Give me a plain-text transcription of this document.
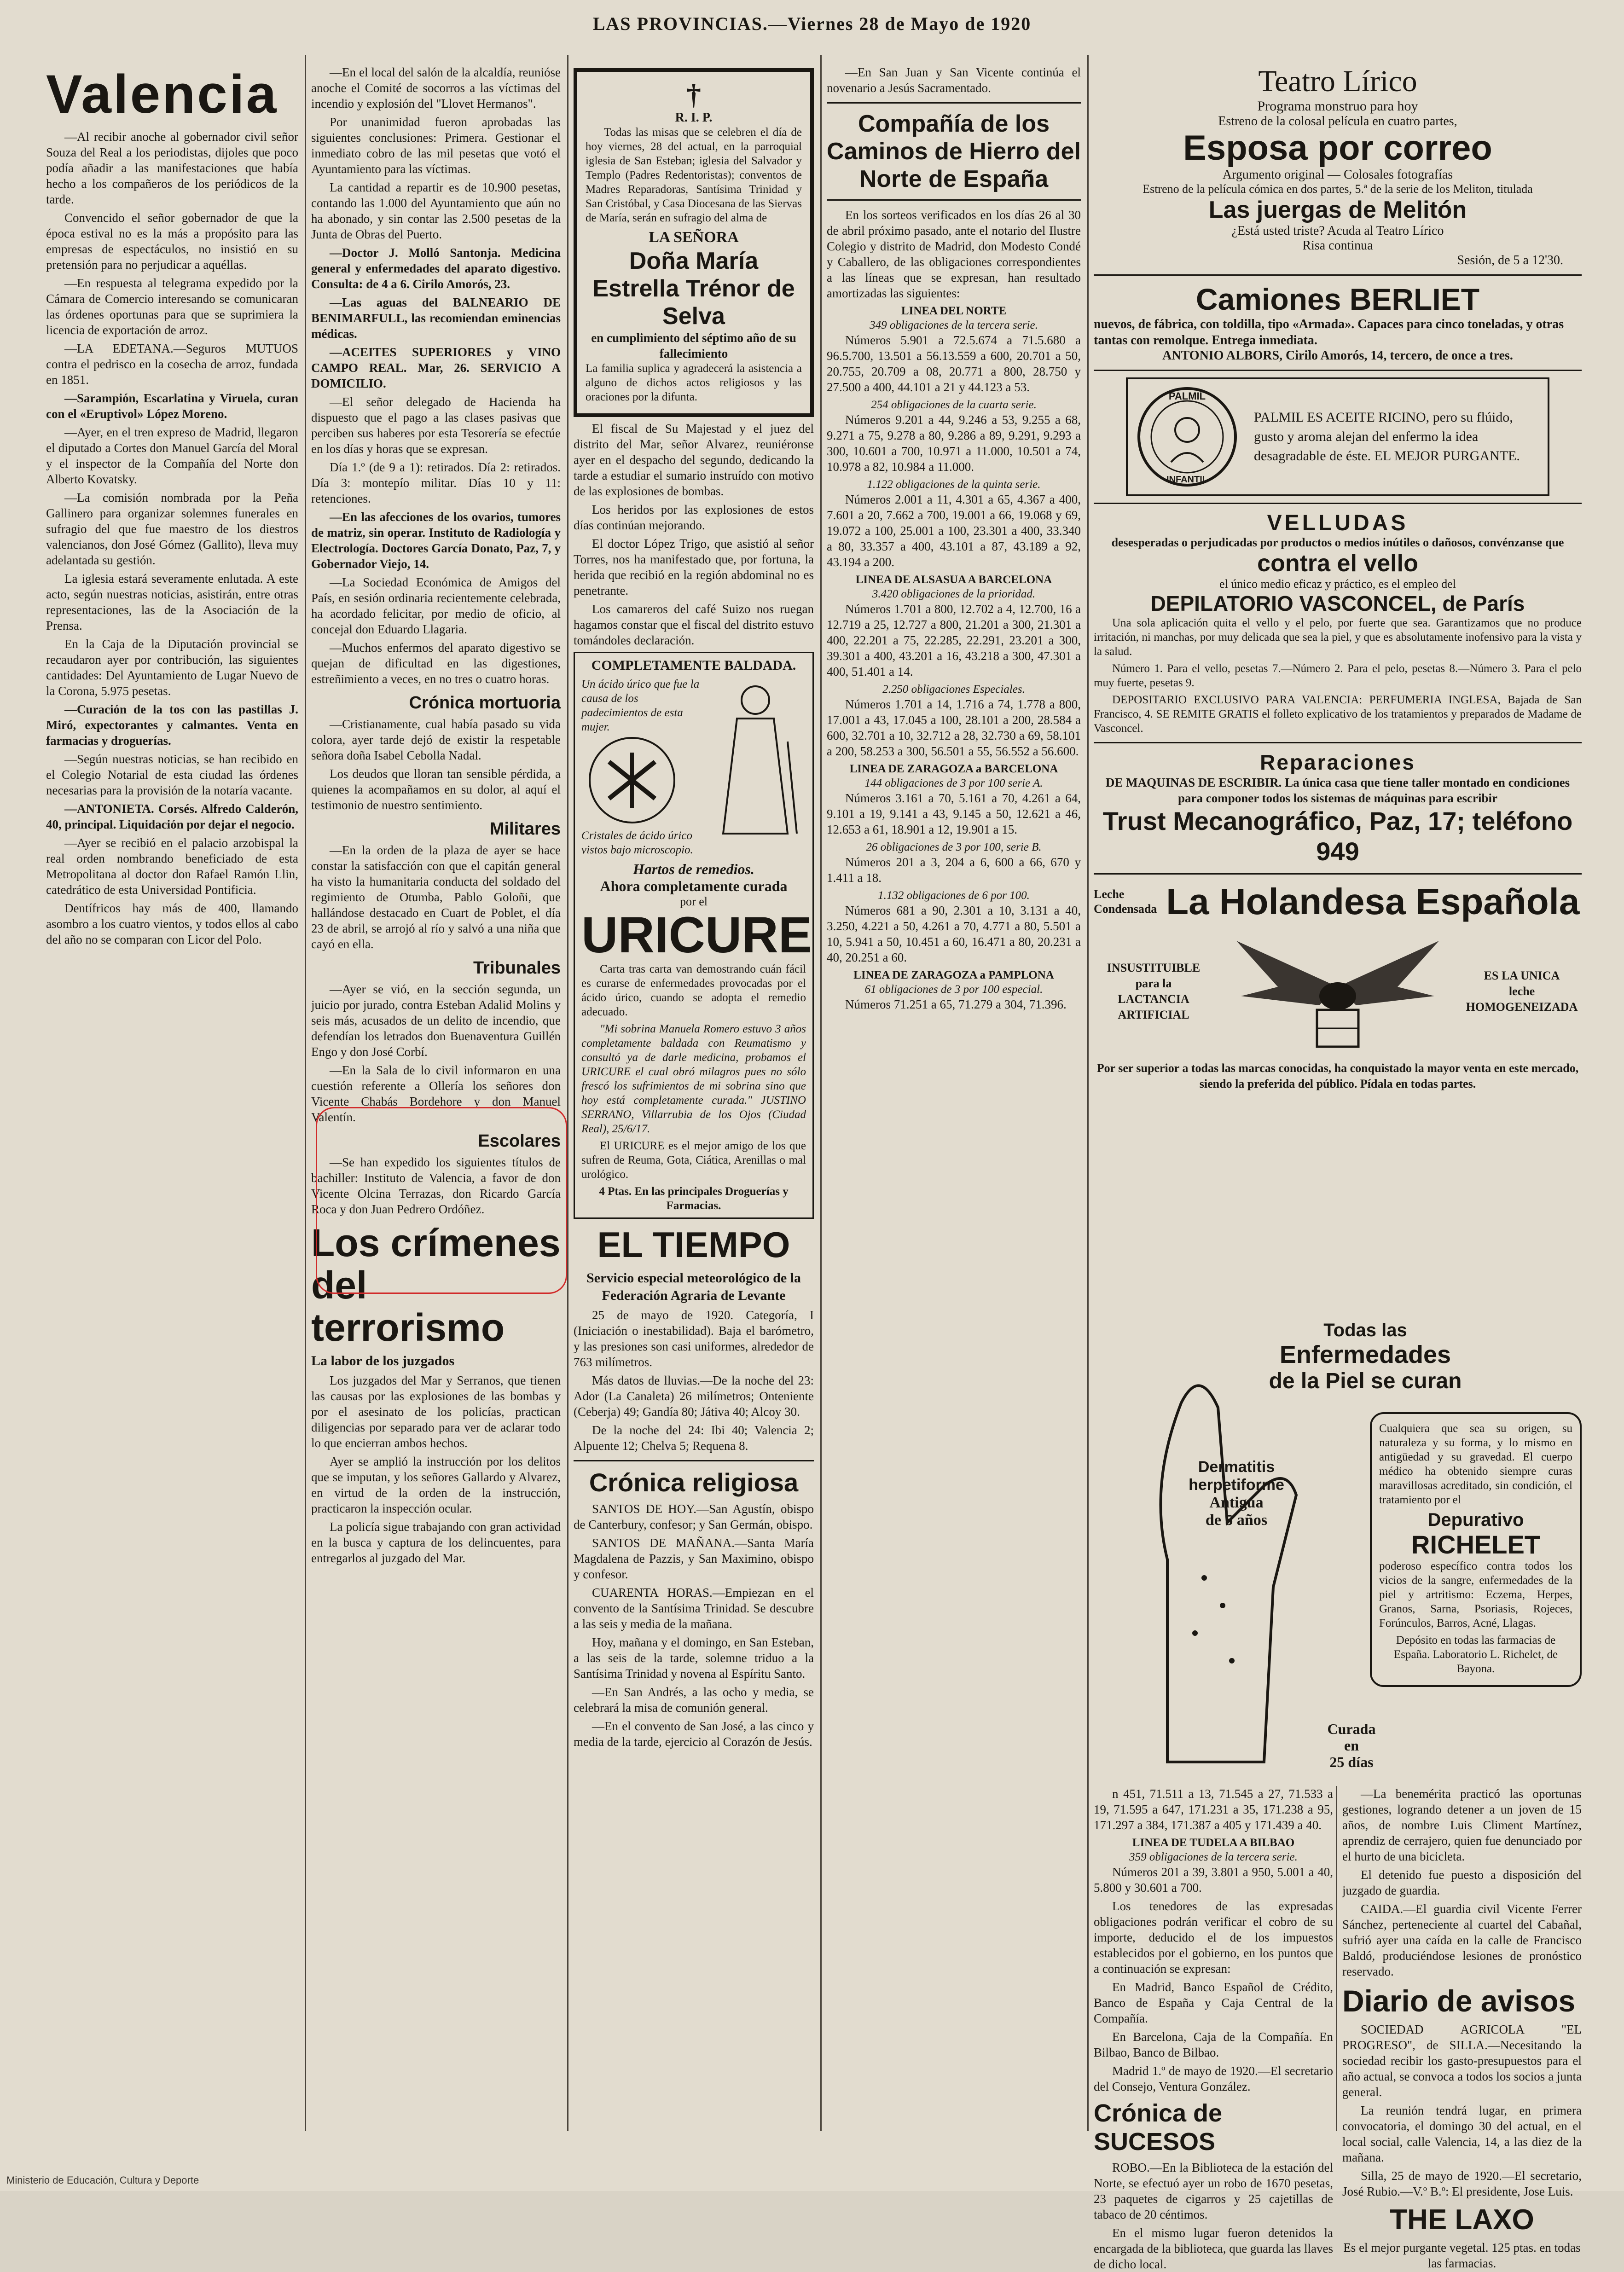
LAS PROVINCIAS.—Viernes 28 de Mayo de 1920
Valencia

—Al recibir anoche al gobernador civil señor Souza del Real a los periodistas, dijoles que poco podía añadir a las manifestaciones que había hecho a los compañeros de los periódicos de la tarde.

Convencido el señor gobernador de que la época estival no es la más a propósito para las empresas de espectáculos, no insistió en su pretensión para no perjudicar a aquéllas.

—En respuesta al telegrama expedido por la Cámara de Comercio interesando se comunicaran las órdenes oportunas para que se suprimiera la licencia de exportación de arroz.

—LA EDETANA.—Seguros MUTUOS contra el pedrisco en la cosecha de arroz, fundada en 1851.

—Sarampión, Escarlatina y Viruela, curan con el «Eruptivol» López Moreno.

—Ayer, en el tren expreso de Madrid, llegaron el diputado a Cortes don Manuel García del Moral y el inspector de la Compañía del Norte don Alberto Kovatsky.

—La comisión nombrada por la Peña Gallinero para organizar solemnes funerales en sufragio del que fue maestro de los diestros valencianos, don José Gómez (Gallito), lleva muy adelantada su gestión.

La iglesia estará severamente enlutada. A este acto, según nuestras noticias, asistirán, entre otras representaciones, las de la Asociación de la Prensa.

En la Caja de la Diputación provincial se recaudaron ayer por contribución, las siguientes cantidades: Del Ayuntamiento de Lugar Nuevo de la Corona, 5.975 pesetas.

—Curación de la tos con las pastillas J. Miró, expectorantes y calmantes. Venta en farmacias y droguerías.

—Según nuestras noticias, se han recibido en el Colegio Notarial de esta ciudad las órdenes necesarias para la provisión de la notaría vacante.

—ANTONIETA. Corsés. Alfredo Calderón, 40, principal. Liquidación por dejar el negocio.

—Ayer se recibió en el palacio arzobispal la real orden nombrando beneficiado de esta Metropolitana al doctor don Rafael Ramón Llin, catedrático de esta Universidad Pontificia.

Dentífricos hay más de 400, llamando asombro a los cuatro vientos, y todos ellos al cabo del año no se comparan con Licor del Polo.

—En el local del salón de la alcaldía, reunióse anoche el Comité de socorros a las víctimas del incendio y explosión del "Llovet Hermanos".

Por unanimidad fueron aprobadas las siguientes conclusiones: Primera. Gestionar el inmediato cobro de las mil pesetas que votó el Ayuntamiento para las víctimas.

La cantidad a repartir es de 10.900 pesetas, contando las 1.000 del Ayuntamiento que aún no ha abonado, y sin contar las 2.500 pesetas de la Junta de Obras del Puerto.

—Doctor J. Molló Santonja. Medicina general y enfermedades del aparato digestivo. Consulta: de 4 a 6. Cirilo Amorós, 23.

—Las aguas del BALNEARIO DE BENIMARFULL, las recomiendan eminencias médicas.

—ACEITES SUPERIORES y VINO CAMPO REAL. Mar, 26. SERVICIO A DOMICILIO.

—El señor delegado de Hacienda ha dispuesto que el pago a las clases pasivas que perciben sus haberes por esta Tesorería se efectúe en los días y horas que se expresan.

Día 1.º (de 9 a 1): retirados. Día 2: retirados. Día 3: montepío militar. Días 10 y 11: retenciones.

—En las afecciones de los ovarios, tumores de matriz, sin operar. Instituto de Radiología y Electrología. Doctores García Donato, Paz, 7, y Gobernador Viejo, 14.

—La Sociedad Económica de Amigos del País, en sesión ordinaria recientemente celebrada, ha acordado felicitar, por medio de oficio, al concejal don Eduardo Llagaria.

—Muchos enfermos del aparato digestivo se quejan de dificultad en las digestiones, estreñimiento a veces, en no tres o cuatro horas.

Crónica mortuoria

—Cristianamente, cual había pasado su vida colora, ayer tarde dejó de existir la respetable señora doña Isabel Cebolla Nadal.

Los deudos que lloran tan sensible pérdida, a quienes la acompañamos en su dolor, al aquí el testimonio de nuestro sentimiento.

Militares

—En la orden de la plaza de ayer se hace constar la satisfacción con que el capitán general ha visto la humanitaria conducta del soldado del regimiento de Otumba, Pablo Goloñi, que hallándose destacado en Cuart de Poblet, el día 23 de abril, se arrojó al río y salvó a una niña que cayó en ella.

Tribunales

—Ayer se vió, en la sección segunda, un juicio por jurado, contra Esteban Adalid Molins y seis más, acusados de un delito de incendio, que defendían los letrados don Buenaventura Guillén Engo y don José Corbí.

—En la Sala de lo civil informaron en una cuestión referente a Ollería los señores don Vicente Chabás Bordehore y don Manuel Valentín.

Escolares

—Se han expedido los siguientes títulos de bachiller: Instituto de Valencia, a favor de don Vicente Olcina Terrazas, don Ricardo García Roca y don Juan Pedrero Ordóñez.

Los crímenes del terrorismo
La labor de los juzgados

Los juzgados del Mar y Serranos, que tienen las causas por las explosiones de las bombas y por el asesinato de los policías, practican diligencias por separado para ver de aclarar todo lo que encierran ambos hechos.

Ayer se amplió la instrucción por los delitos que se imputan, y los señores Gallardo y Alvarez, en virtud de la orden de la instrucción, practicaron la inspección ocular.

La policía sigue trabajando con gran actividad en la busca y captura de los delincuentes, para entregarlos al juzgado del Mar.

†
R. I. P.

Todas las misas que se celebren el día de hoy viernes, 28 del actual, en la parroquial iglesia de San Esteban; iglesia del Salvador y Templo (Padres Redentoristas); conventos de Madres Reparadoras, Santísima Trinidad y San Cristóbal, y Casa Diocesana de las Siervas de María, serán en sufragio del alma de

LA SEÑORA
Doña María Estrella Trénor de Selva
en cumplimiento del séptimo año de su fallecimiento

La familia suplica y agradecerá la asistencia a alguno de dichos actos religiosos y las oraciones por la difunta.

El fiscal de Su Majestad y el juez del distrito del Mar, señor Alvarez, reuniéronse ayer en el despacho del segundo, dedicando la tarde a estudiar el sumario instruído con motivo de las explosiones de bombas.

Los heridos por las explosiones de estos días continúan mejorando.

El doctor López Trigo, que asistió al señor Torres, nos ha manifestado que, por fortuna, la herida que recibió en la región abdominal no es penetrante.

Los camareros del café Suizo nos ruegan hagamos constar que el fiscal del distrito estuvo tomándoles declaración.

COMPLETAMENTE BALDADA.
Un ácido úrico que fue la causa de los padecimientos de esta mujer.
Cristales de ácido úrico vistos bajo microscopio.
Hartos de remedios.
Ahora completamente curada
por el
URICURE

Carta tras carta van demostrando cuán fácil es curarse de enfermedades provocadas por el ácido úrico, cuando se adopta el remedio adecuado.

"Mi sobrina Manuela Romero estuvo 3 años completamente baldada con Reumatismo y consultó ya de darle medicina, probamos el URICURE el cual obró milagros pues no sólo frescó los sufrimientos de mi sobrina sino que hoy está completamente curada." JUSTINO SERRANO, Villarrubia de los Ojos (Ciudad Real), 25/6/17.

El URICURE es el mejor amigo de los que sufren de Reuma, Gota, Ciática, Arenillas o mal urológico.

4 Ptas. En las principales Droguerías y Farmacias.
EL TIEMPO
Servicio especial meteorológico de la Federación Agraria de Levante

25 de mayo de 1920. Categoría, I (Iniciación o inestabilidad). Baja el barómetro, y las presiones son casi uniformes, alrededor de 763 milímetros.

Más datos de lluvias.—De la noche del 23: Ador (La Canaleta) 26 milímetros; Onteniente (Ceberja) 49; Gandía 80; Játiva 40; Alcoy 30.

De la noche del 24: Ibi 40; Valencia 2; Alpuente 12; Chelva 5; Requena 8.

Crónica religiosa

SANTOS DE HOY.—San Agustín, obispo de Canterbury, confesor; y San Germán, obispo.

SANTOS DE MAÑANA.—Santa María Magdalena de Pazzis, y San Maximino, obispo y confesor.

CUARENTA HORAS.—Empiezan en el convento de la Santísima Trinidad. Se descubre a las seis y media de la mañana.

Hoy, mañana y el domingo, en San Esteban, a las seis de la tarde, solemne triduo a la Santísima Trinidad y novena al Espíritu Santo.

—En San Andrés, a las ocho y media, se celebrará la misa de comunión general.

—En el convento de San José, a las cinco y media de la tarde, ejercicio al Corazón de Jesús.

—En San Juan y San Vicente continúa el novenario a Jesús Sacramentado.

Compañía de los Caminos de Hierro del Norte de España

En los sorteos verificados en los días 26 al 30 de abril próximo pasado, ante el notario del Ilustre Colegio y distrito de Madrid, don Modesto Condé y Caballero, de las obligaciones correspondientes a las líneas que se expresan, han resultado amortizadas las siguientes:

LINEA DEL NORTE
349 obligaciones de la tercera serie.

Números 5.901 a 72.5.674 a 71.5.680 a 96.5.700, 13.501 a 56.13.559 a 600, 20.701 a 50, 20.755, 20.709 a 08, 20.771 a 800, 28.750 y 27.500 a 400, 44.101 a 21 y 44.123 a 53.

254 obligaciones de la cuarta serie.

Números 9.201 a 44, 9.246 a 53, 9.255 a 68, 9.271 a 75, 9.278 a 80, 9.286 a 89, 9.291, 9.293 a 300, 10.601 a 700, 10.971 a 11.000, 10.501 a 74, 10.978 a 82, 10.984 a 11.000.

1.122 obligaciones de la quinta serie.

Números 2.001 a 11, 4.301 a 65, 4.367 a 400, 7.601 a 20, 7.662 a 700, 19.001 a 66, 19.068 y 69, 19.072 a 100, 25.001 a 100, 23.301 a 400, 33.340 a 80, 33.357 a 400, 43.101 a 87, 43.189 a 92, 43.194 a 200.

LINEA DE ALSASUA A BARCELONA
3.420 obligaciones de la prioridad.

Números 1.701 a 800, 12.702 a 4, 12.700, 16 a 12.719 a 25, 12.727 a 800, 21.201 a 300, 21.301 a 400, 22.201 a 75, 22.285, 22.291, 23.201 a 300, 39.301 a 400, 43.201 a 16, 43.218 a 300, 47.301 a 400, 51.401 a 14.

2.250 obligaciones Especiales.

Números 1.701 a 14, 1.716 a 74, 1.778 a 800, 17.001 a 43, 17.045 a 100, 28.101 a 200, 28.584 a 600, 32.701 a 10, 32.712 a 28, 32.730 a 69, 58.101 a 200, 58.253 a 300, 56.501 a 55, 56.552 a 56.600.

LINEA DE ZARAGOZA a BARCELONA
144 obligaciones de 3 por 100 serie A.

Números 3.161 a 70, 5.161 a 70, 4.261 a 64, 9.101 a 19, 9.141 a 43, 9.145 a 50, 12.621 a 46, 12.653 a 61, 18.901 a 12, 19.901 a 15.

26 obligaciones de 3 por 100, serie B.

Números 201 a 3, 204 a 6, 600 a 66, 670 y 1.411 a 18.

1.132 obligaciones de 6 por 100.

Números 681 a 90, 2.301 a 10, 3.131 a 40, 3.250, 4.221 a 50, 4.261 a 70, 4.771 a 80, 5.501 a 10, 5.941 a 50, 10.451 a 60, 16.471 a 80, 20.231 a 40, 20.251 a 60.

LINEA DE ZARAGOZA a PAMPLONA
61 obligaciones de 3 por 100 especial.

Números 71.251 a 65, 71.279 a 304, 71.396.

Teatro Lírico
Programa monstruo para hoy
Estreno de la colosal película en cuatro partes,
Esposa por correo
Argumento original — Colosales fotografías
Estreno de la película cómica en dos partes, 5.ª de la serie de los Meliton, titulada
Las juergas de Melitón
¿Está usted triste? Acuda al Teatro Lírico
Risa continua
Sesión, de 5 a 12'30.
Camiones BERLIET
nuevos, de fábrica, con toldilla, tipo «Armada». Capaces para cinco toneladas, y otras tantas con remolque. Entrega inmediata.
ANTONIO ALBORS, Cirilo Amorós, 14, tercero, de once a tres.
PALMIL
INFANTIL
PALMIL ES ACEITE RICINO, pero su flúido, gusto y aroma alejan del enfermo la idea desagradable de éste. EL MEJOR PURGANTE.
VELLUDAS
desesperadas o perjudicadas por productos o medios inútiles o dañosos, convénzanse que
contra el vello
el único medio eficaz y práctico, es el empleo del
DEPILATORIO VASCONCEL, de París

Una sola aplicación quita el vello y el pelo, por fuerte que sea. Garantizamos que no produce irritación, ni manchas, por muy delicada que sea la piel, y que es absolutamente inofensivo para la vista y la salud.

Número 1. Para el vello, pesetas 7.—Número 2. Para el pelo, pesetas 8.—Número 3. Para el pelo muy fuerte, pesetas 9.

DEPOSITARIO EXCLUSIVO PARA VALENCIA: PERFUMERIA INGLESA, Bajada de San Francisco, 4. SE REMITE GRATIS el folleto explicativo de los tratamientos y preparados de Madame de Vasconcel.

Reparaciones
DE MAQUINAS DE ESCRIBIR. La única casa que tiene taller montado en condiciones para componer todos los sistemas de máquinas para escribir
Trust Mecanográfico, Paz, 17; teléfono 949
Leche
Condensada La Holandesa Española
INSUSTITUIBLE
para la
LACTANCIA ARTIFICIAL
ES LA UNICA
leche
HOMOGENEIZADA
Por ser superior a todas las marcas conocidas, ha conquistado la mayor venta en este mercado, siendo la preferida del público. Pídala en todas partes.
Todas las
Enfermedades
de la Piel se curan
Dermatitis
herpetiforme
Antigua
de 5 años
Curada
en
25 días

Cualquiera que sea su origen, su naturaleza y su forma, y lo mismo en antigüedad y su gravedad. El cuerpo médico ha obtenido siempre curas maravillosas acreditado, sin condición, el tratamiento por el

Depurativo
RICHELET

poderoso específico contra todos los vicios de la sangre, enfermedades de la piel y artritismo: Eczema, Herpes, Granos, Sarna, Psoriasis, Rojeces, Forúnculos, Barros, Acné, Llagas.

Depósito en todas las farmacias de España. Laboratorio L. Richelet, de Bayona.

n 451, 71.511 a 13, 71.545 a 27, 71.533 a 19, 71.595 a 647, 171.231 a 35, 171.238 a 95, 171.297 a 384, 171.387 a 405 y 171.439 a 40.

LINEA DE TUDELA A BILBAO
359 obligaciones de la tercera serie.

Números 201 a 39, 3.801 a 950, 5.001 a 40, 5.800 y 30.601 a 700.

Los tenedores de las expresadas obligaciones podrán verificar el cobro de su importe, deducido el de los impuestos establecidos por el gobierno, en los puntos que a continuación se expresan:

En Madrid, Banco Español de Crédito, Banco de España y Caja Central de la Compañía.

En Barcelona, Caja de la Compañía. En Bilbao, Banco de Bilbao.

Madrid 1.º de mayo de 1920.—El secretario del Consejo, Ventura González.

Crónica de SUCESOS

ROBO.—En la Biblioteca de la estación del Norte, se efectuó ayer un robo de 1670 pesetas, 23 paquetes de cigarros y 25 cajetillas de tabaco de 20 céntimos.

En el mismo lugar fueron detenidos la encargada de la biblioteca, que guarda las llaves de dicho local.

—La benemérita practicó las oportunas gestiones, logrando detener a un joven de 15 años, de nombre Luis Climent Martínez, aprendiz de cerrajero, quien fue denunciado por el hurto de una bicicleta.

El detenido fue puesto a disposición del juzgado de guardia.

CAIDA.—El guardia civil Vicente Ferrer Sánchez, perteneciente al cuartel del Cabañal, sufrió ayer una caída en la calle de Francisco Baldó, produciéndose lesiones de pronóstico reservado.

Diario de avisos

SOCIEDAD AGRICOLA "EL PROGRESO", de SILLA.—Necesitando la sociedad recibir los gasto-presupuestos para el año actual, se convoca a todos los socios a junta general.

La reunión tendrá lugar, en primera convocatoria, el domingo 30 del actual, en el local social, calle Valencia, 14, a las diez de la mañana.

Silla, 25 de mayo de 1920.—El secretario, José Rubio.—V.º B.º: El presidente, Jose Luis.

THE LAXO

Es el mejor purgante vegetal. 125 ptas. en todas las farmacias.

Ministerio de Educación, Cultura y Deporte
